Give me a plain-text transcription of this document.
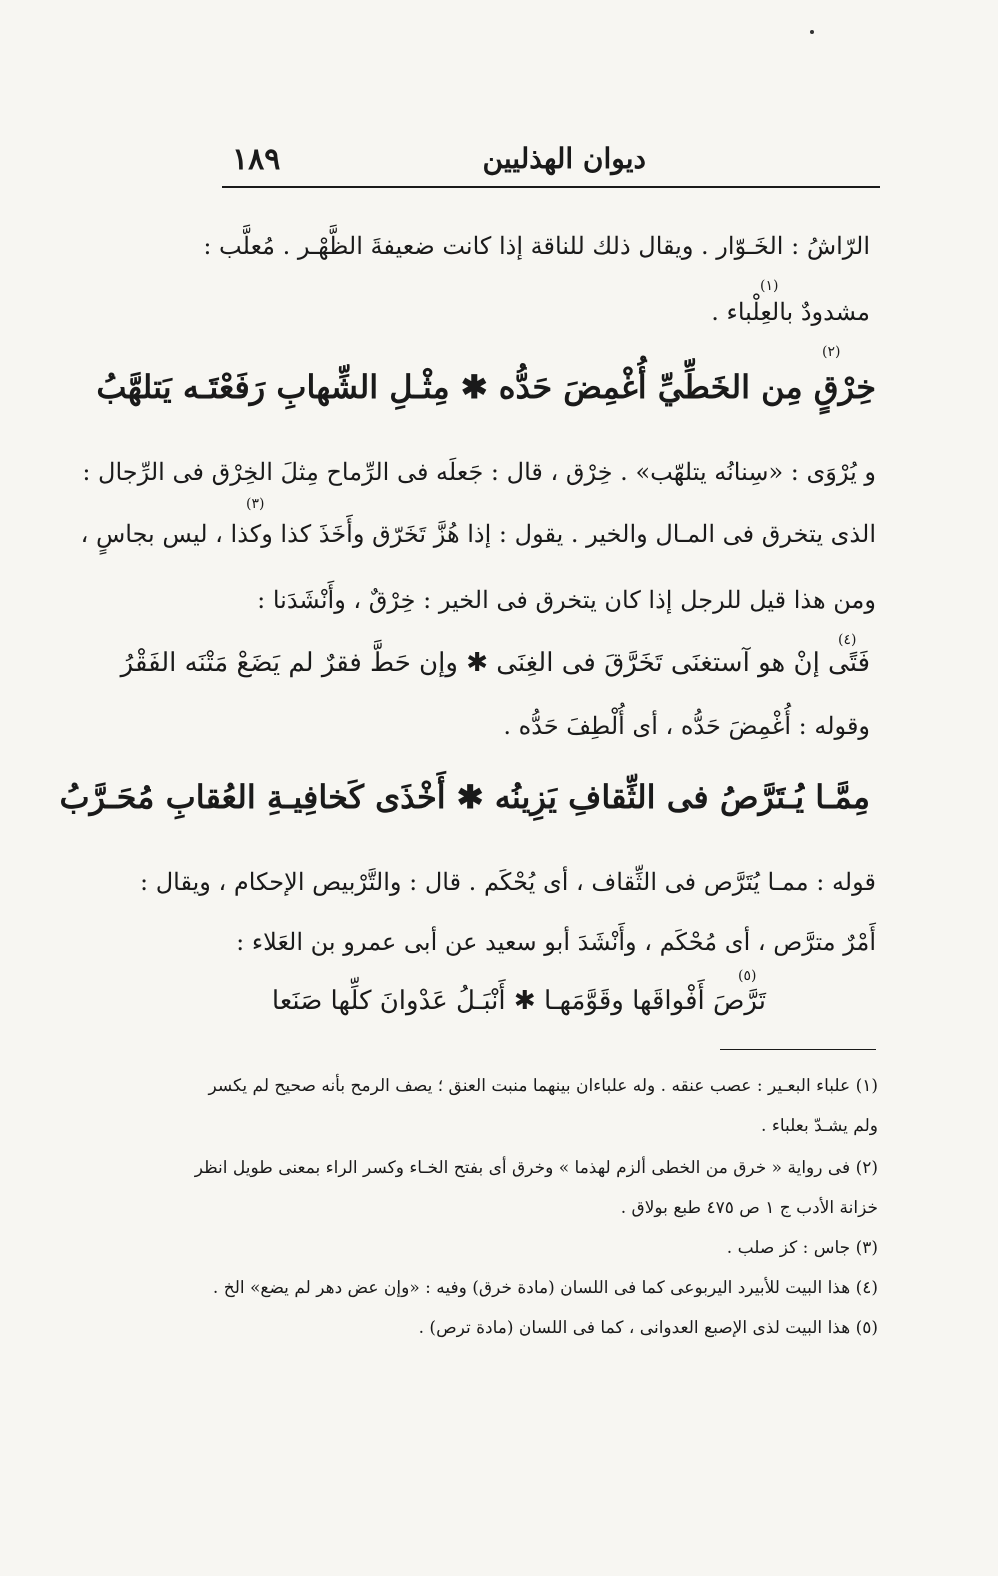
١٨٩	ديوان الهذليين
الرّاشُ : الخَـوّار . ويقال ذلك للناقة إذا كانت ضعيفةَ الظَّهْـر . مُعلَّب :
(١)
مشدودٌ بالعِلْباء .
(٢)
خِرْقٍ مِن الخَطِّيِّ أُغْمِضَ حَدُّه ✱ مِثْـلِ الشِّهابِ رَفَعْتَـه يَتلهَّبُ
و يُرْوَى : «سِنانُه يتلهّب» . خِرْق ، قال : جَعلَه فى الرِّماح مِثلَ الخِرْق فى الرِّجال :
(٣)
الذى يتخرق فى المـال والخير . يقول : إذا هُزَّ تَخَرّق وأَخَذَ كذا وكذا ، ليس بجاسٍ ،
ومن هذا قيل للرجل إذا كان يتخرق فى الخير : خِرْقٌ ، وأَنْشَدَنا :
(٤)
فَتًى إنْ هو آستغنَى تَخَرَّقَ فى الغِنَى ✱ وإن حَطَّ فقرٌ لم يَضَعْ مَتْنَه الفَقْرُ
وقوله : أُغْمِضَ حَدُّه ، أى أُلْطِفَ حَدُّه .
مِمَّـا يُـتَرَّصُ فى الثِّقافِ يَزِينُه ✱ أَخْذَى كَخافِيـةِ العُقابِ مُحَـرَّبُ
قوله : ممـا يُتَرَّص فى الثِّقاف ، أى يُحْكَم . قال : والتَّرْبيص الإحكام ، ويقال :
أَمْرٌ مترَّص ، أى مُحْكَم ، وأَنْشَدَ أبو سعيد عن أبى عمرو بن العَلاء :
(٥)
تَرَّصَ أَفْواقَها وقَوَّمَهـا ✱ أَنْبَـلُ عَدْوانَ كلِّها صَنَعا
(١) علباء البعـير : عصب عنقه . وله علباءان بينهما منبت العنق ؛ يصف الرمح بأنه صحيح لم يكسر
ولم يشـدّ بعلباء .
(٢) فى رواية « خرق من الخطى ألزم لهذما » وخرق أى بفتح الخـاء وكسر الراء بمعنى طويل انظر
خزانة الأدب ج ١ ص ٤٧٥ طبع بولاق .
(٣) جاس : كز صلب .
(٤) هذا البيت للأبيرد اليربوعى كما فى اللسان (مادة خرق) وفيه : «وإن عض دهر لم يضع» الخ .
(٥) هذا البيت لذى الإصبع العدوانى ، كما فى اللسان (مادة ترص) .
